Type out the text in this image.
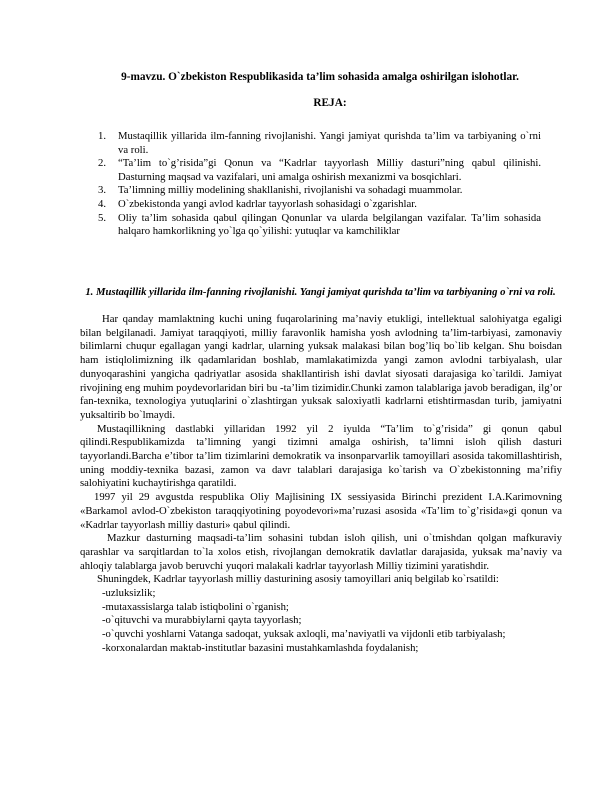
9-mavzu. O`zbekiston Respublikasida ta’lim sohasida amalga oshirilgan islohotlar.
REJA:
1. Mustaqillik yillarida ilm-fanning rivojlanishi. Yangi jamiyat qurishda ta’lim va tarbiyaning o`rni va roli.
2. “Ta’lim to`g’risida”gi Qonun va “Kadrlar tayyorlash Milliy dasturi”ning qabul qilinishi. Dasturning maqsad va vazifalari, uni amalga oshirish mexanizmi va bosqichlari.
3. Ta’limning milliy modelining shakllanishi, rivojlanishi va sohadagi muammolar.
4. O`zbekistonda yangi avlod kadrlar tayyorlash sohasidagi o`zgarishlar.
5. Oliy ta’lim sohasida qabul qilingan Qonunlar va ularda belgilangan vazifalar. Ta’lim sohasida halqaro hamkorlikning yo`lga qo`yilishi: yutuqlar va kamchiliklar
1. Mustaqillik yillarida ilm-fanning rivojlanishi. Yangi jamiyat qurishda ta’lim va tarbiyaning o`rni va roli.

Har qanday mamlaktning kuchi uning fuqarolarining ma’naviy etukligi, intellektual salohiyatga egaligi bilan belgilanadi. Jamiyat taraqqiyoti, milliy faravonlik hamisha yosh avlodning ta’lim-tarbiyasi, zamonaviy bilimlarni chuqur egallagan yangi kadrlar, ularning yuksak malakasi bilan bog’liq bo`lib kelgan. Shu boisdan ham istiqlolimizning ilk qadamlaridan boshlab, mamlakatimizda yangi zamon avlodni tarbiyalash, ular dunyoqarashini yangicha qadriyatlar asosida shakllantirish ishi davlat siyosati darajasiga ko`tarildi. Jamiyat rivojining eng muhim poydevorlaridan biri bu -ta’lim tizimidir.Chunki zamon talablariga javob beradigan, ilg’or fan-texnika, texnologiya yutuqlarini o`zlashtirgan yuksak saloxiyatli kadrlarni etishtirmasdan turib, jamiyatni yuksaltirib bo`lmaydi.

Mustaqillikning dastlabki yillaridan 1992 yil 2 iyulda “Ta’lim to`g’risida” gi qonun qabul qilindi.Respublikamizda ta’limning yangi tizimni amalga oshirish, ta’limni isloh qilish dasturi tayyorlandi.Barcha e’tibor ta’lim tizimlarini demokratik va insonparvarlik tamoyillari asosida takomillashtirish, uning moddiy-texnika bazasi, zamon va davr talablari darajasiga ko`tarish va O`zbekistonning ma’rifiy salohiyatini kuchaytirishga qaratildi.

1997 yil 29 avgustda respublika Oliy Majlisining IX sessiyasida Birinchi prezident I.A.Karimovning «Barkamol avlod-O`zbekiston taraqqiyotining poyodevori»ma’ruzasi asosida «Ta’lim to`g’risida»gi qonun va «Kadrlar tayyorlash milliy dasturi» qabul qilindi.

Mazkur dasturning maqsadi-ta’lim sohasini tubdan isloh qilish, uni o`tmishdan qolgan mafkuraviy qarashlar va sarqitlardan to`la xolos etish, rivojlangan demokratik davlatlar darajasida, yuksak ma’naviy va ahloqiy talablarga javob beruvchi yuqori malakali kadrlar tayyorlash Milliy tizimini yaratishdir.

Shuningdek, Kadrlar tayyorlash milliy dasturining asosiy tamoyillari aniq belgilab ko`rsatildi:

-uzluksizlik;

-mutaxassislarga talab istiqbolini o`rganish;

-o`qituvchi va murabbiylarni qayta tayyorlash;

-o`quvchi yoshlarni Vatanga sadoqat, yuksak axloqli, ma’naviyatli va vijdonli etib tarbiyalash;

-korxonalardan maktab-institutlar bazasini mustahkamlashda foydalanish;
